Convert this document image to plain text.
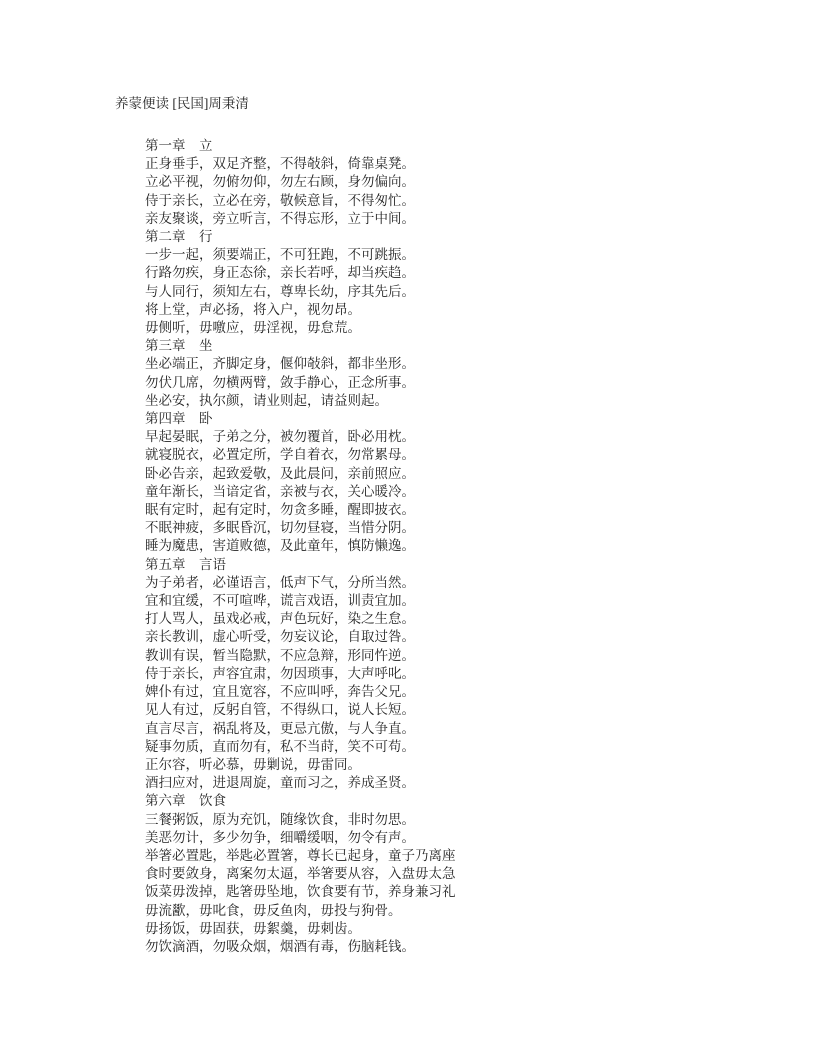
养蒙便读 [民国]周秉清

第一章　立

正身垂手，双足齐整，不得敧斜，倚靠桌凳。

立必平视，勿俯勿仰，勿左右顾，身勿偏向。

侍于亲长，立必在旁，敬候意旨，不得匆忙。

亲友聚谈，旁立听言，不得忘形，立于中间。

第二章　行

一步一起，须要端正，不可狂跑，不可跳振。

行路勿疾，身正态徐，亲长若呼，却当疾趋。

与人同行，须知左右，尊卑长幼，序其先后。

将上堂，声必扬，将入户，视勿昂。

毋侧听，毋噭应，毋淫视，毋怠荒。

第三章　坐

坐必端正，齐脚定身，偃仰敧斜，都非坐形。

勿伏几席，勿横两臂，敛手静心，正念所事。

坐必安，执尔颜，请业则起，请益则起。

第四章　卧

早起晏眠，子弟之分，被勿覆首，卧必用枕。

就寝脱衣，必置定所，学自着衣，勿常累母。

卧必告亲，起致爱敬，及此晨问，亲前照应。

童年渐长，当谙定省，亲被与衣，关心暖冷。

眠有定时，起有定时，勿贪多睡，醒即披衣。

不眠神疲，多眠昏沉，切勿昼寝，当惜分阴。

睡为魔患，害道败德，及此童年，慎防懒逸。

第五章　言语

为子弟者，必谨语言，低声下气，分所当然。

宜和宜缓，不可喧哗，谎言戏语，训责宜加。

打人骂人，虽戏必戒，声色玩好，染之生怠。

亲长教训，虚心听受，勿妄议论，自取过咎。

教训有误，暂当隐默，不应急辩，形同忤逆。

侍于亲长，声容宜肃，勿因琐事，大声呼叱。

婢仆有过，宜且宽容，不应叫呼，奔告父兄。

见人有过，反躬自管，不得纵口，说人长短。

直言尽言，祸乱将及，更忌亢傲，与人争直。

疑事勿质，直而勿有，私不当莳，笑不可苟。

正尔容，听必慕，毋剿说，毋雷同。

酒扫应对，进退周旋，童而习之，养成圣贤。

第六章　饮食

三餐粥饭，原为充饥，随缘饮食，非时勿思。

美恶勿计，多少勿争，细嚼缓咽，勿令有声。

举箸必置匙，举匙必置箸，尊长已起身，童子乃离座

食时要敛身，离案勿太逼，举箸要从容，入盘毋太急

饭菜毋泼掉，匙箸毋坠地，饮食要有节，养身兼习礼

毋流歠，毋叱食，毋反鱼肉，毋投与狗骨。

毋扬饭，毋固获，毋絮羹，毋刺齿。

勿饮滴酒，勿吸众烟，烟酒有毒，伤脑耗钱。
